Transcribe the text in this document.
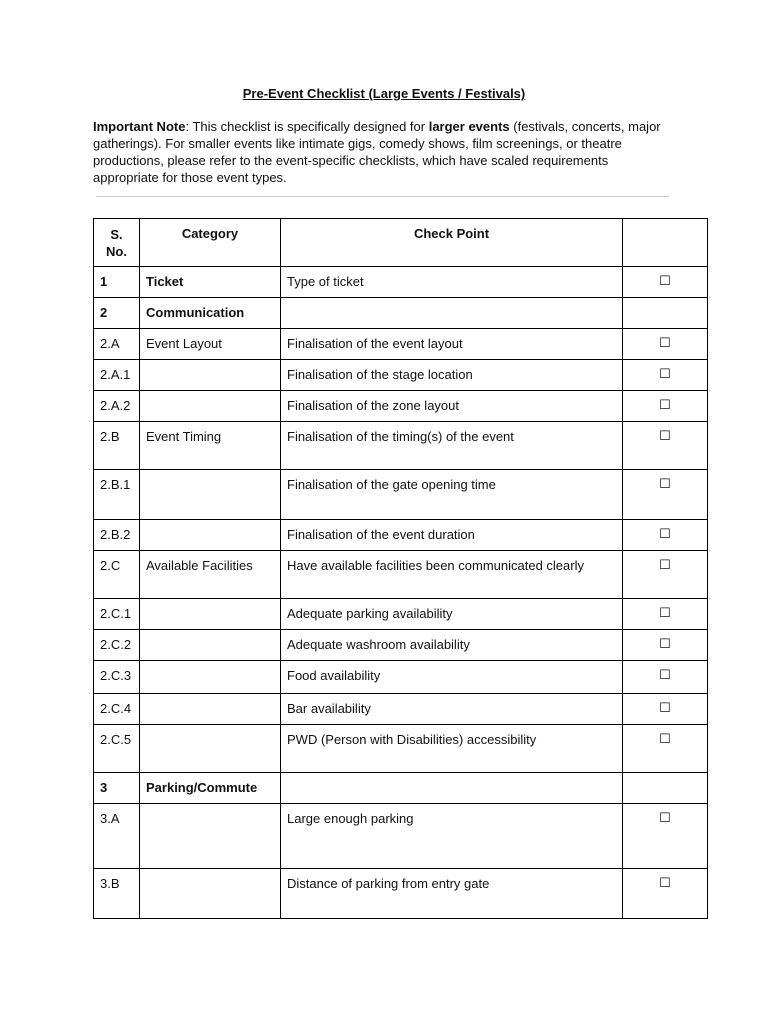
Pre-Event Checklist (Large Events / Festivals)
Important Note: This checklist is specifically designed for larger events (festivals, concerts, major gatherings). For smaller events like intimate gigs, comedy shows, film screenings, or theatre productions, please refer to the event-specific checklists, which have scaled requirements appropriate for those event types.
S.
No.	Category	Check Point	
1	Ticket	Type of ticket	☐
2	Communication		
2.A	Event Layout	Finalisation of the event layout	☐
2.A.1		Finalisation of the stage location	☐
2.A.2		Finalisation of the zone layout	☐
2.B	Event Timing	Finalisation of the timing(s) of the event	☐
2.B.1		Finalisation of the gate opening time	☐
2.B.2		Finalisation of the event duration	☐
2.C	Available Facilities	Have available facilities been communicated clearly	☐
2.C.1		Adequate parking availability	☐
2.C.2		Adequate washroom availability	☐
2.C.3		Food availability	☐
2.C.4		Bar availability	☐
2.C.5		PWD (Person with Disabilities) accessibility	☐
3	Parking/Commute		
3.A		Large enough parking	☐
3.B		Distance of parking from entry gate	☐
